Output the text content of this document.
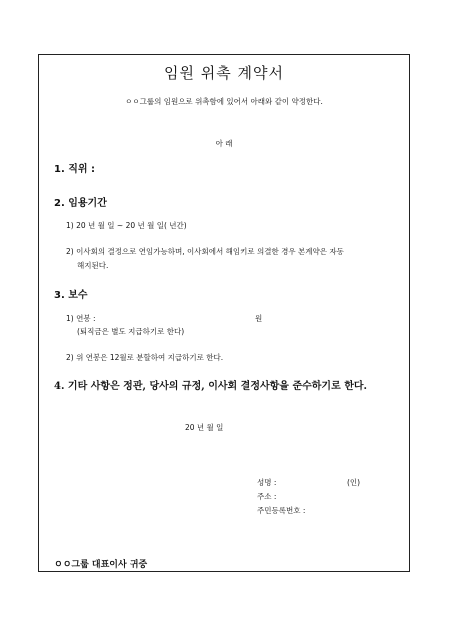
임원 위촉 계약서
ㅇㅇ그룹의 임원으로 위촉함에 있어서 아래와 같이 약정한다.
아 래
1. 직위 :
2. 임용기간
1) 20 년 월 일 ~ 20 년 월 일( 년간)
2) 이사회의 결정으로 연임가능하며, 이사회에서 해임키로 의결한 경우 본계약은 자동
해지된다.
3. 보수
1) 연봉 :	원
(퇴직금은 별도 지급하기로 한다)
2) 위 연봉은 12월로 분할하여 지급하기로 한다.
4. 기타 사항은 정관, 당사의 규정, 이사회 결정사항을 준수하기로 한다.
20 년 월 일
성명 :	(인)
주소 :
주민등록번호 :
ㅇㅇ그룹 대표이사 귀중
